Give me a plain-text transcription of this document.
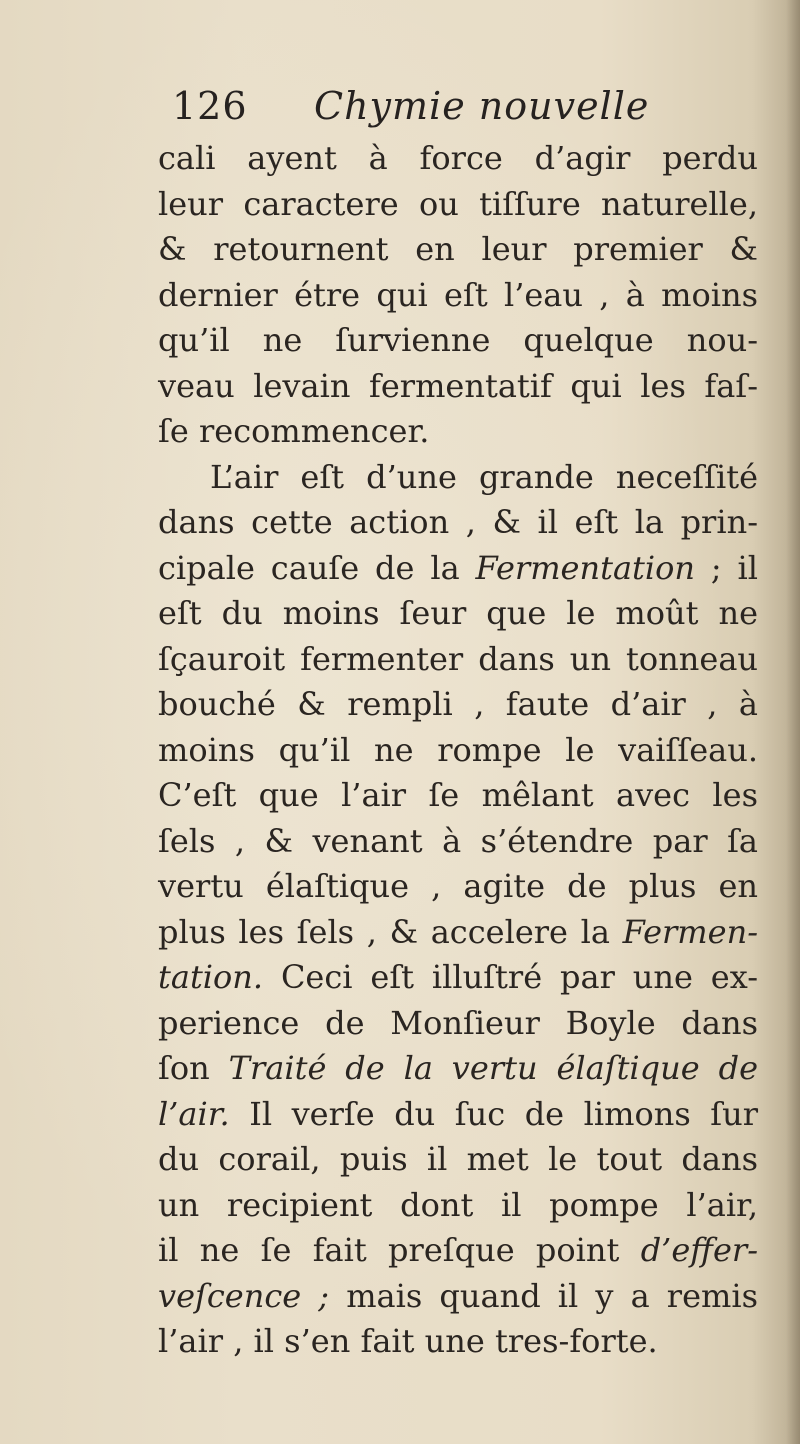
126 Chymie nouvelle
cali ayent à force d’agir perdu
leur caractere ou tiſſure naturelle,
& retournent en leur premier &
dernier étre qui eſt l’eau , à moins
qu’il ne ſurvienne quelque nou-
veau levain fermentatif qui les faſ-
ſe recommencer.
L’air eſt d’une grande neceſſité
dans cette action , & il eſt la prin-
cipale cauſe de la Fermentation ; il
eſt du moins ſeur que le moût ne
ſçauroit fermenter dans un tonneau
bouché & rempli , faute d’air , à
moins qu’il ne rompe le vaiſſeau.
C’eſt que l’air ſe mêlant avec les
ſels , & venant à s’étendre par ſa
vertu élaſtique , agite de plus en
plus les ſels , & accelere la Fermen-
tation. Ceci eſt illuſtré par une ex-
perience de Monſieur Boyle dans
ſon Traité de la vertu élaſtique de
l’air. Il verſe du ſuc de limons ſur
du corail, puis il met le tout dans
un recipient dont il pompe l’air,
il ne ſe fait preſque point d’effer-
veſcence ; mais quand il y a remis
l’air , il s’en fait une tres-forte.
